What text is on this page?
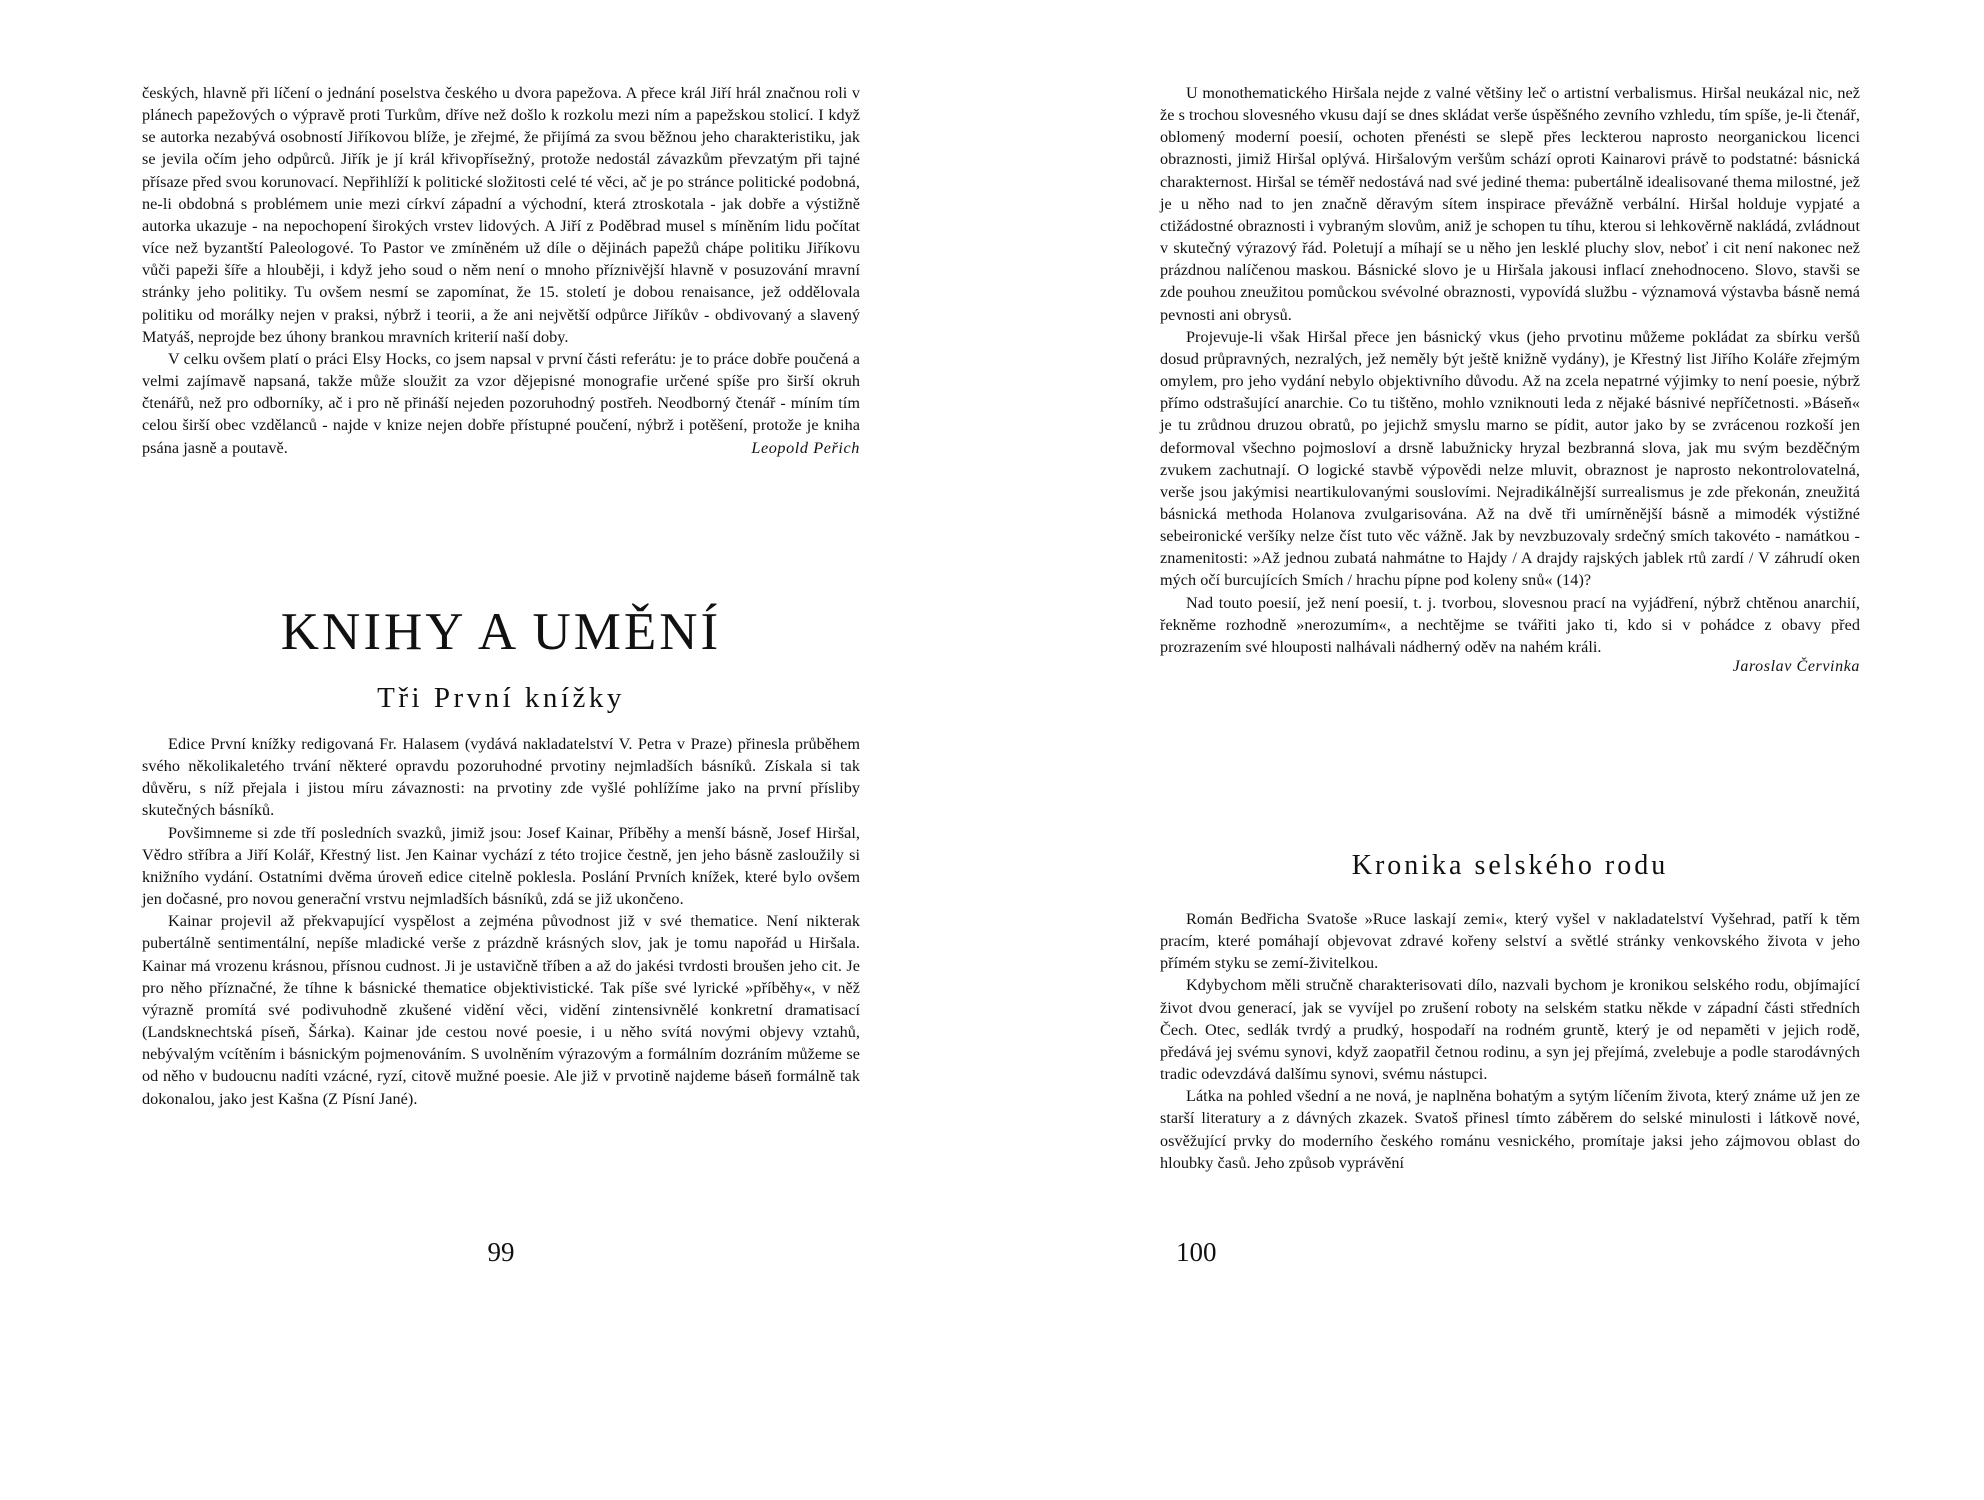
českých, hlavně při líčení o jednání poselstva českého u dvora papežova. A přece král Jiří hrál značnou roli v plánech papežových o výpravě proti Turkům, dříve než došlo k rozkolu mezi ním a papežskou stolicí. I když se autorka nezabývá osobností Jiříkovou blíže, je zřejmé, že přijímá za svou běžnou jeho charakteristiku, jak se jevila očím jeho odpůrců. Jiřík je jí král křivopřísežný, protože nedostál závazkům převzatým při tajné přísaze před svou korunovací. Nepřihlíží k politické složitosti celé té věci, ač je po stránce politické podobná, ne-li obdobná s problémem unie mezi církví západní a východní, která ztroskotala - jak dobře a výstižně autorka ukazuje - na nepochopení širokých vrstev lidových. A Jiří z Poděbrad musel s míněním lidu počítat více než byzantští Paleologové. To Pastor ve zmíněném už díle o dějinách papežů chápe politiku Jiříkovu vůči papeži šíře a hlouběji, i když jeho soud o něm není o mnoho příznivější hlavně v posuzování mravní stránky jeho politiky. Tu ovšem nesmí se zapomínat, že 15. století je dobou renaisance, jež oddělovala politiku od morálky nejen v praksi, nýbrž i teorii, a že ani největší odpůrce Jiříkův - obdivovaný a slavený Matyáš, neprojde bez úhony brankou mravních kriterií naší doby.

V celku ovšem platí o práci Elsy Hocks, co jsem napsal v první části referátu: je to práce dobře poučená a velmi zajímavě napsaná, takže může sloužit za vzor dějepisné monografie určené spíše pro širší okruh čtenářů, než pro odborníky, ač i pro ně přináší nejeden pozoruhodný postřeh. Neodborný čtenář - míním tím celou širší obec vzdělanců - najde v knize nejen dobře přístupné poučení, nýbrž i potěšení, protože je kniha psána jasně a poutavě.	Leopold Peřich

KNIHY A UMĚNÍ
Tři První knížky

Edice První knížky redigovaná Fr. Halasem (vydává nakladatelství V. Petra v Praze) přinesla průběhem svého několikaletého trvání některé opravdu pozoruhodné prvotiny nejmladších básníků. Získala si tak důvěru, s níž přejala i jistou míru závaznosti: na prvotiny zde vyšlé pohlížíme jako na první přísliby skutečných básníků.

Povšimneme si zde tří posledních svazků, jimiž jsou: Josef Kainar, Příběhy a menší básně, Josef Hiršal, Vědro stříbra a Jiří Kolář, Křestný list. Jen Kainar vychází z této trojice čestně, jen jeho básně zasloužily si knižního vydání. Ostatními dvěma úroveň edice citelně poklesla. Poslání Prvních knížek, které bylo ovšem jen dočasné, pro novou generační vrstvu nejmladších básníků, zdá se již ukončeno.

Kainar projevil až překvapující vyspělost a zejména původnost již v své thematice. Není nikterak pubertálně sentimentální, nepíše mladické verše z prázdně krásných slov, jak je tomu napořád u Hiršala. Kainar má vrozenu krásnou, přísnou cudnost. Ji je ustavičně tříben a až do jakési tvrdosti broušen jeho cit. Je pro něho příznačné, že tíhne k básnické thematice objektivistické. Tak píše své lyrické »příběhy«, v něž výrazně promítá své podivuhodně zkušené vidění věci, vidění zintensivnělé konkretní dramatisací (Landsknechtská píseň, Šárka). Kainar jde cestou nové poesie, i u něho svítá novými objevy vztahů, nebývalým vcítěním i básnickým pojmenováním. S uvolněním výrazovým a formálním dozráním můžeme se od něho v budoucnu nadíti vzácné, ryzí, citově mužné poesie. Ale již v prvotině najdeme báseň formálně tak dokonalou, jako jest Kašna (Z Písní Jané).

99

U monothematického Hiršala nejde z valné většiny leč o artistní verbalismus. Hiršal neukázal nic, než že s trochou slovesného vkusu dají se dnes skládat verše úspěšného zevního vzhledu, tím spíše, je-li čtenář, oblomený moderní poesií, ochoten přenésti se slepě přes leckterou naprosto neorganickou licenci obraznosti, jimiž Hiršal oplývá. Hiršalovým veršům schází oproti Kainarovi právě to podstatné: básnická charakternost. Hiršal se téměř nedostává nad své jediné thema: pubertálně idealisované thema milostné, jež je u něho nad to jen značně děravým sítem inspirace převážně verbální. Hiršal holduje vypjaté a ctižádostné obraznosti i vybraným slovům, aniž je schopen tu tíhu, kterou si lehkověrně nakládá, zvládnout v skutečný výrazový řád. Poletují a míhají se u něho jen lesklé pluchy slov, neboť i cit není nakonec než prázdnou nalíčenou maskou. Básnické slovo je u Hiršala jakousi inflací znehodnoceno. Slovo, stavši se zde pouhou zneužitou pomůckou svévolné obraznosti, vypovídá službu - významová výstavba básně nemá pevnosti ani obrysů.

Projevuje-li však Hiršal přece jen básnický vkus (jeho prvotinu můžeme pokládat za sbírku veršů dosud průpravných, nezralých, jež neměly být ještě knižně vydány), je Křestný list Jiřího Koláře zřejmým omylem, pro jeho vydání nebylo objektivního důvodu. Až na zcela nepatrné výjimky to není poesie, nýbrž přímo odstrašující anarchie. Co tu tištěno, mohlo vzniknouti leda z nějaké básnivé nepříčetnosti. »Báseň« je tu zrůdnou druzou obratů, po jejichž smyslu marno se pídit, autor jako by se zvrácenou rozkoší jen deformoval všechno pojmosloví a drsně labužnicky hryzal bezbranná slova, jak mu svým bezděčným zvukem zachutnají. O logické stavbě výpovědi nelze mluvit, obraznost je naprosto nekontrolovatelná, verše jsou jakýmisi neartikulovanými souslovími. Nejradikálnější surrealismus je zde překonán, zneužitá básnická methoda Holanova zvulgarisována. Až na dvě tři umírněnější básně a mimodék výstižné sebeironické veršíky nelze číst tuto věc vážně. Jak by nevzbuzovaly srdečný smích takovéto - namátkou - znamenitosti: »Až jednou zubatá nahmátne to Hajdy / A drajdy rajských jablek rtů zardí / V záhrudí oken mých očí burcujících Smích / hrachu pípne pod koleny snů« (14)?

Nad touto poesií, jež není poesií, t. j. tvorbou, slovesnou prací na vyjádření, nýbrž chtěnou anarchií, řekněme rozhodně »nerozumím«, a nechtějme se tvářiti jako ti, kdo si v pohádce z obavy před prozrazením své hlouposti nalhávali nádherný oděv na nahém králi.

Jaroslav Červinka
Kronika selského rodu

Román Bedřicha Svatoše »Ruce laskají zemi«, který vyšel v nakladatelství Vyšehrad, patří k těm pracím, které pomáhají objevovat zdravé kořeny selství a světlé stránky venkovského života v jeho přímém styku se zemí-živitelkou.

Kdybychom měli stručně charakterisovati dílo, nazvali bychom je kronikou selského rodu, objímající život dvou generací, jak se vyvíjel po zrušení roboty na selském statku někde v západní části středních Čech. Otec, sedlák tvrdý a prudký, hospodaří na rodném gruntě, který je od nepaměti v jejich rodě, předává jej svému synovi, když zaopatřil četnou rodinu, a syn jej přejímá, zvelebuje a podle starodávných tradic odevzdává dalšímu synovi, svému nástupci.

Látka na pohled všední a ne nová, je naplněna bohatým a sytým líčením života, který známe už jen ze starší literatury a z dávných zkazek. Svatoš přinesl tímto záběrem do selské minulosti i látkově nové, osvěžující prvky do moderního českého románu vesnického, promítaje jaksi jeho zájmovou oblast do hloubky časů. Jeho způsob vyprávění

100
